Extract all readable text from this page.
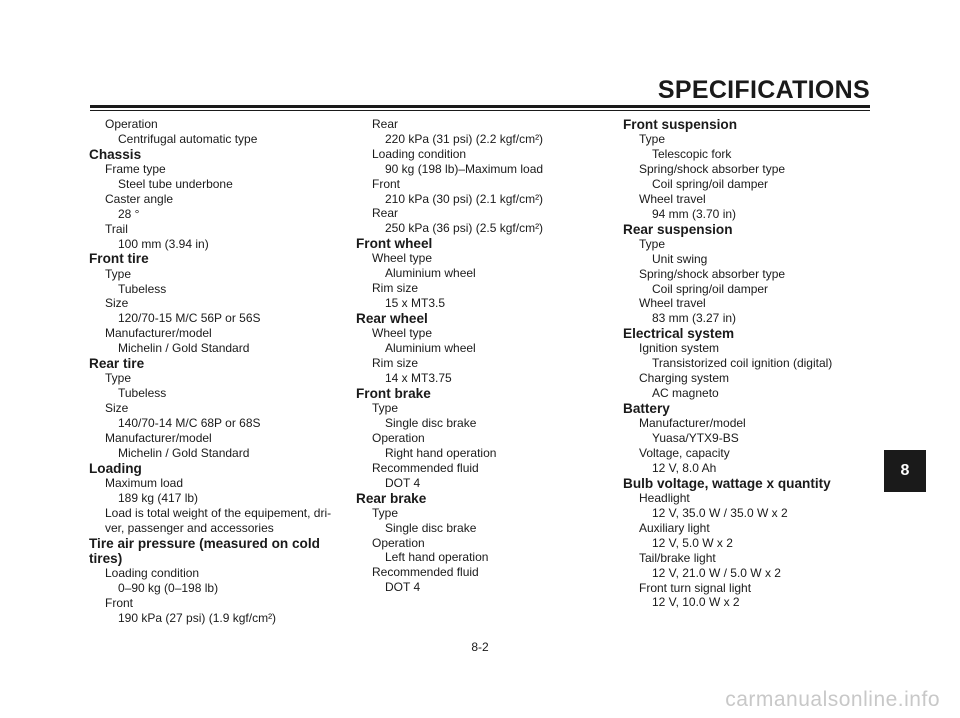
SPECIFICATIONS
Operation
Centrifugal automatic type
Chassis
Frame type
Steel tube underbone
Caster angle
28 °
Trail
100 mm (3.94 in)
Front tire
Type
Tubeless
Size
120/70-15 M/C 56P or 56S
Manufacturer/model
Michelin / Gold Standard
Rear tire
Type
Tubeless
Size
140/70-14 M/C 68P or 68S
Manufacturer/model
Michelin / Gold Standard
Loading
Maximum load
189 kg (417 lb)
Load is total weight of the equipement, dri-ver, passenger and accessories
Tire air pressure (measured on cold tires)
Loading condition
0–90 kg (0–198 lb)
Front
190 kPa (27 psi) (1.9 kgf/cm²)
Rear
220 kPa (31 psi) (2.2 kgf/cm²)
Loading condition
90 kg (198 lb)–Maximum load
Front
210 kPa (30 psi) (2.1 kgf/cm²)
Rear
250 kPa (36 psi) (2.5 kgf/cm²)
Front wheel
Wheel type
Aluminium wheel
Rim size
15 x MT3.5
Rear wheel
Wheel type
Aluminium wheel
Rim size
14 x MT3.75
Front brake
Type
Single disc brake
Operation
Right hand operation
Recommended fluid
DOT 4
Rear brake
Type
Single disc brake
Operation
Left hand operation
Recommended fluid
DOT 4
Front suspension
Type
Telescopic fork
Spring/shock absorber type
Coil spring/oil damper
Wheel travel
94 mm (3.70 in)
Rear suspension
Type
Unit swing
Spring/shock absorber type
Coil spring/oil damper
Wheel travel
83 mm (3.27 in)
Electrical system
Ignition system
Transistorized coil ignition (digital)
Charging system
AC magneto
Battery
Manufacturer/model
Yuasa/YTX9-BS
Voltage, capacity
12 V, 8.0 Ah
Bulb voltage, wattage x quantity
Headlight
12 V, 35.0 W / 35.0 W x 2
Auxiliary light
12 V, 5.0 W x 2
Tail/brake light
12 V, 21.0 W / 5.0 W x 2
Front turn signal light
12 V, 10.0 W x 2
8-2
8
carmanualsonline.info
